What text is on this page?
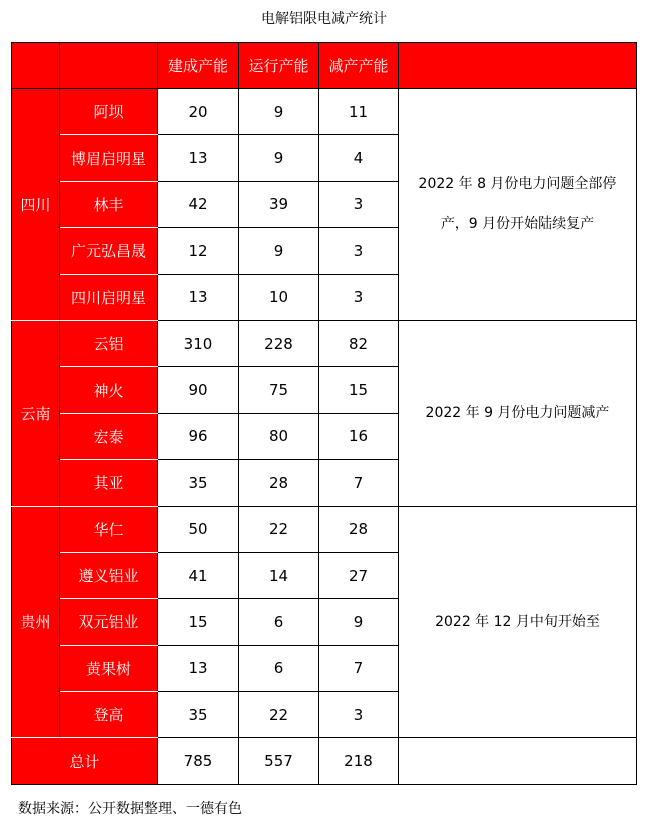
电解铝限电减产统计
		建成产能	运行产能	减产产能	
四川	阿坝	20	9	11	2022 年 8 月份电力问题全部停产，9 月份开始陆续复产
	博眉启明星	13	9	4	
	林丰	42	39	3	
	广元弘昌晟	12	9	3	
	四川启明星	13	10	3	
云南	云铝	310	228	82	2022 年 9 月份电力问题减产
	神火	90	75	15	
	宏泰	96	80	16	
	其亚	35	28	7	
贵州	华仁	50	22	28	2022 年 12 月中旬开始至
	遵义铝业	41	14	27	
	双元铝业	15	6	9	
	黄果树	13	6	7	
	登高	35	22	3	
总计		785	557	218	
数据来源：公开数据整理、一德有色
